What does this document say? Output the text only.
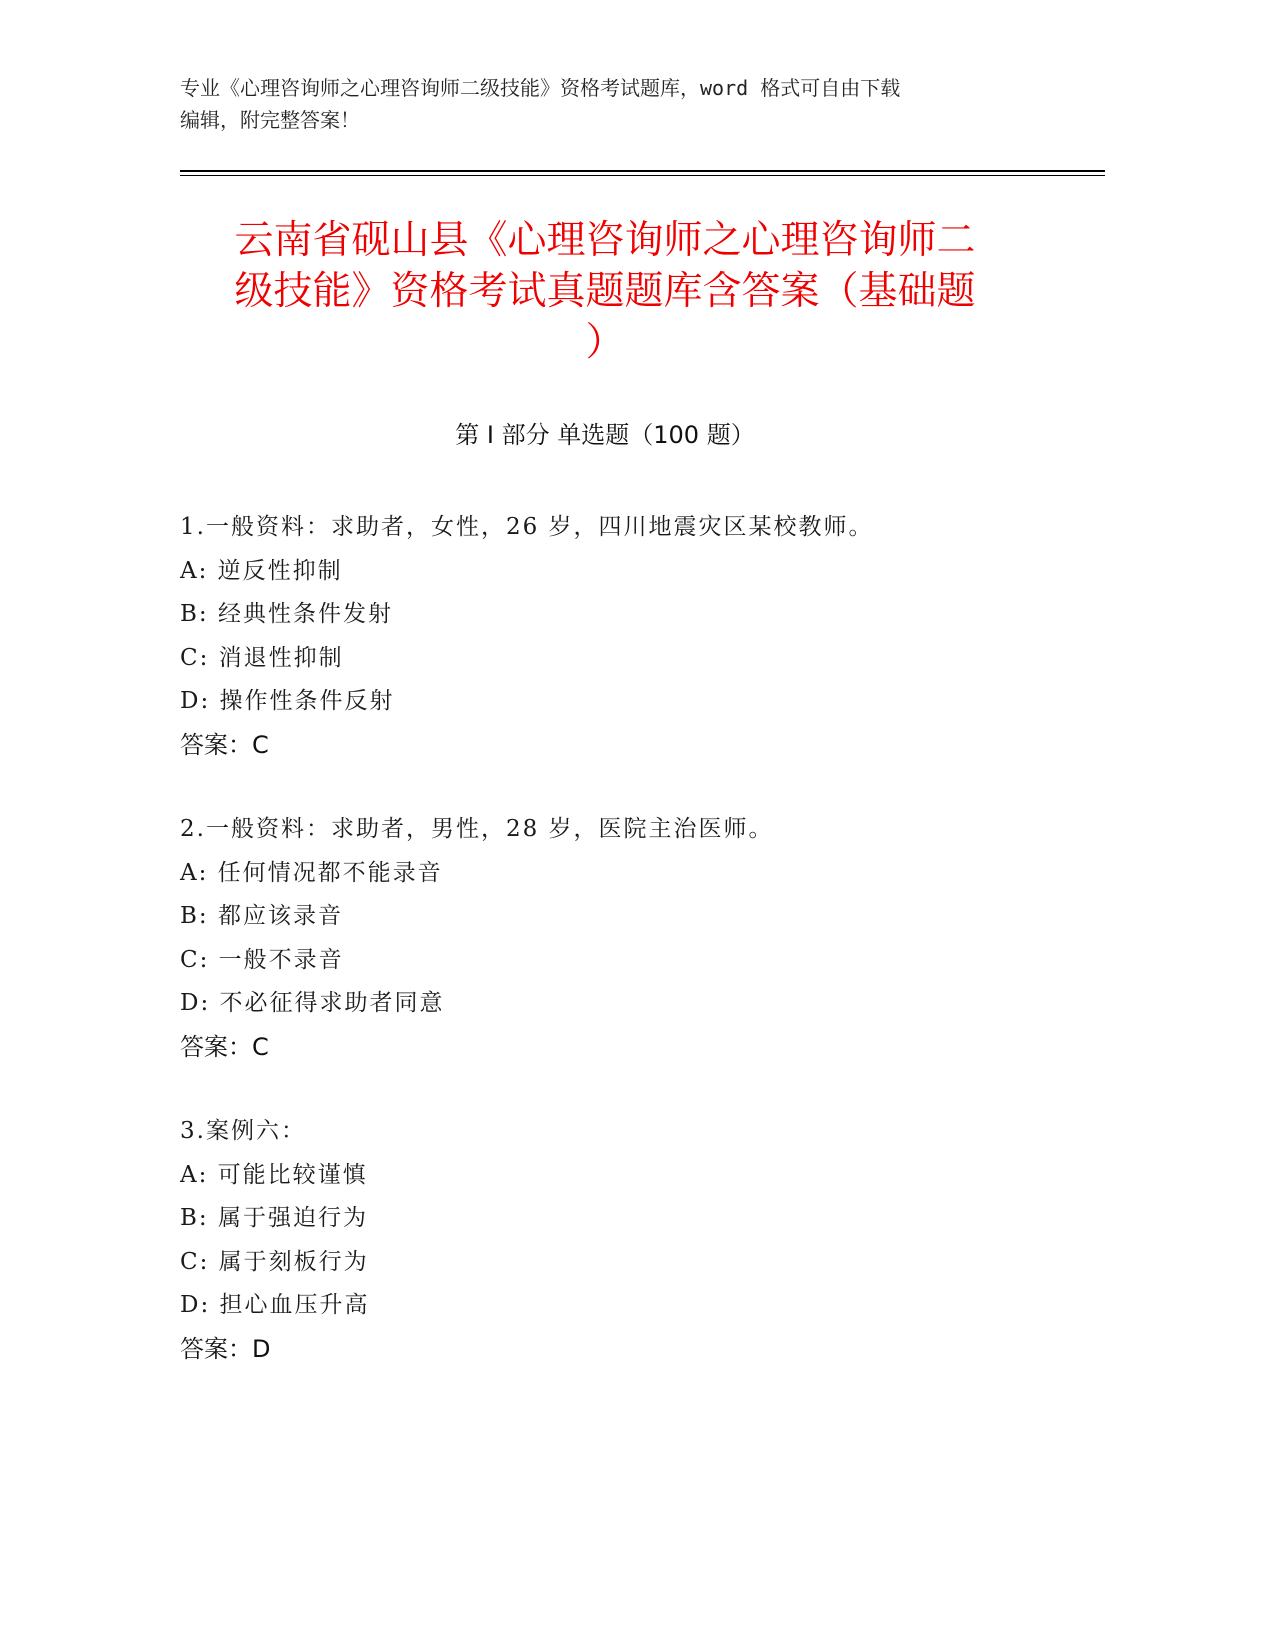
专业《心理咨询师之心理咨询师二级技能》资格考试题库，word 格式可自由下载
编辑，附完整答案！
云南省砚山县《心理咨询师之心理咨询师二
级技能》资格考试真题题库含答案（基础题
）
第 I 部分 单选题（100 题）
1.一般资料：求助者，女性，26 岁，四川地震灾区某校教师。
A: 逆反性抑制
B: 经典性条件发射
C: 消退性抑制
D: 操作性条件反射
答案：C
2.一般资料：求助者，男性，28 岁，医院主治医师。
A: 任何情况都不能录音
B: 都应该录音
C: 一般不录音
D: 不必征得求助者同意
答案：C
3.案例六：
A: 可能比较谨慎
B: 属于强迫行为
C: 属于刻板行为
D: 担心血压升高
答案：D
